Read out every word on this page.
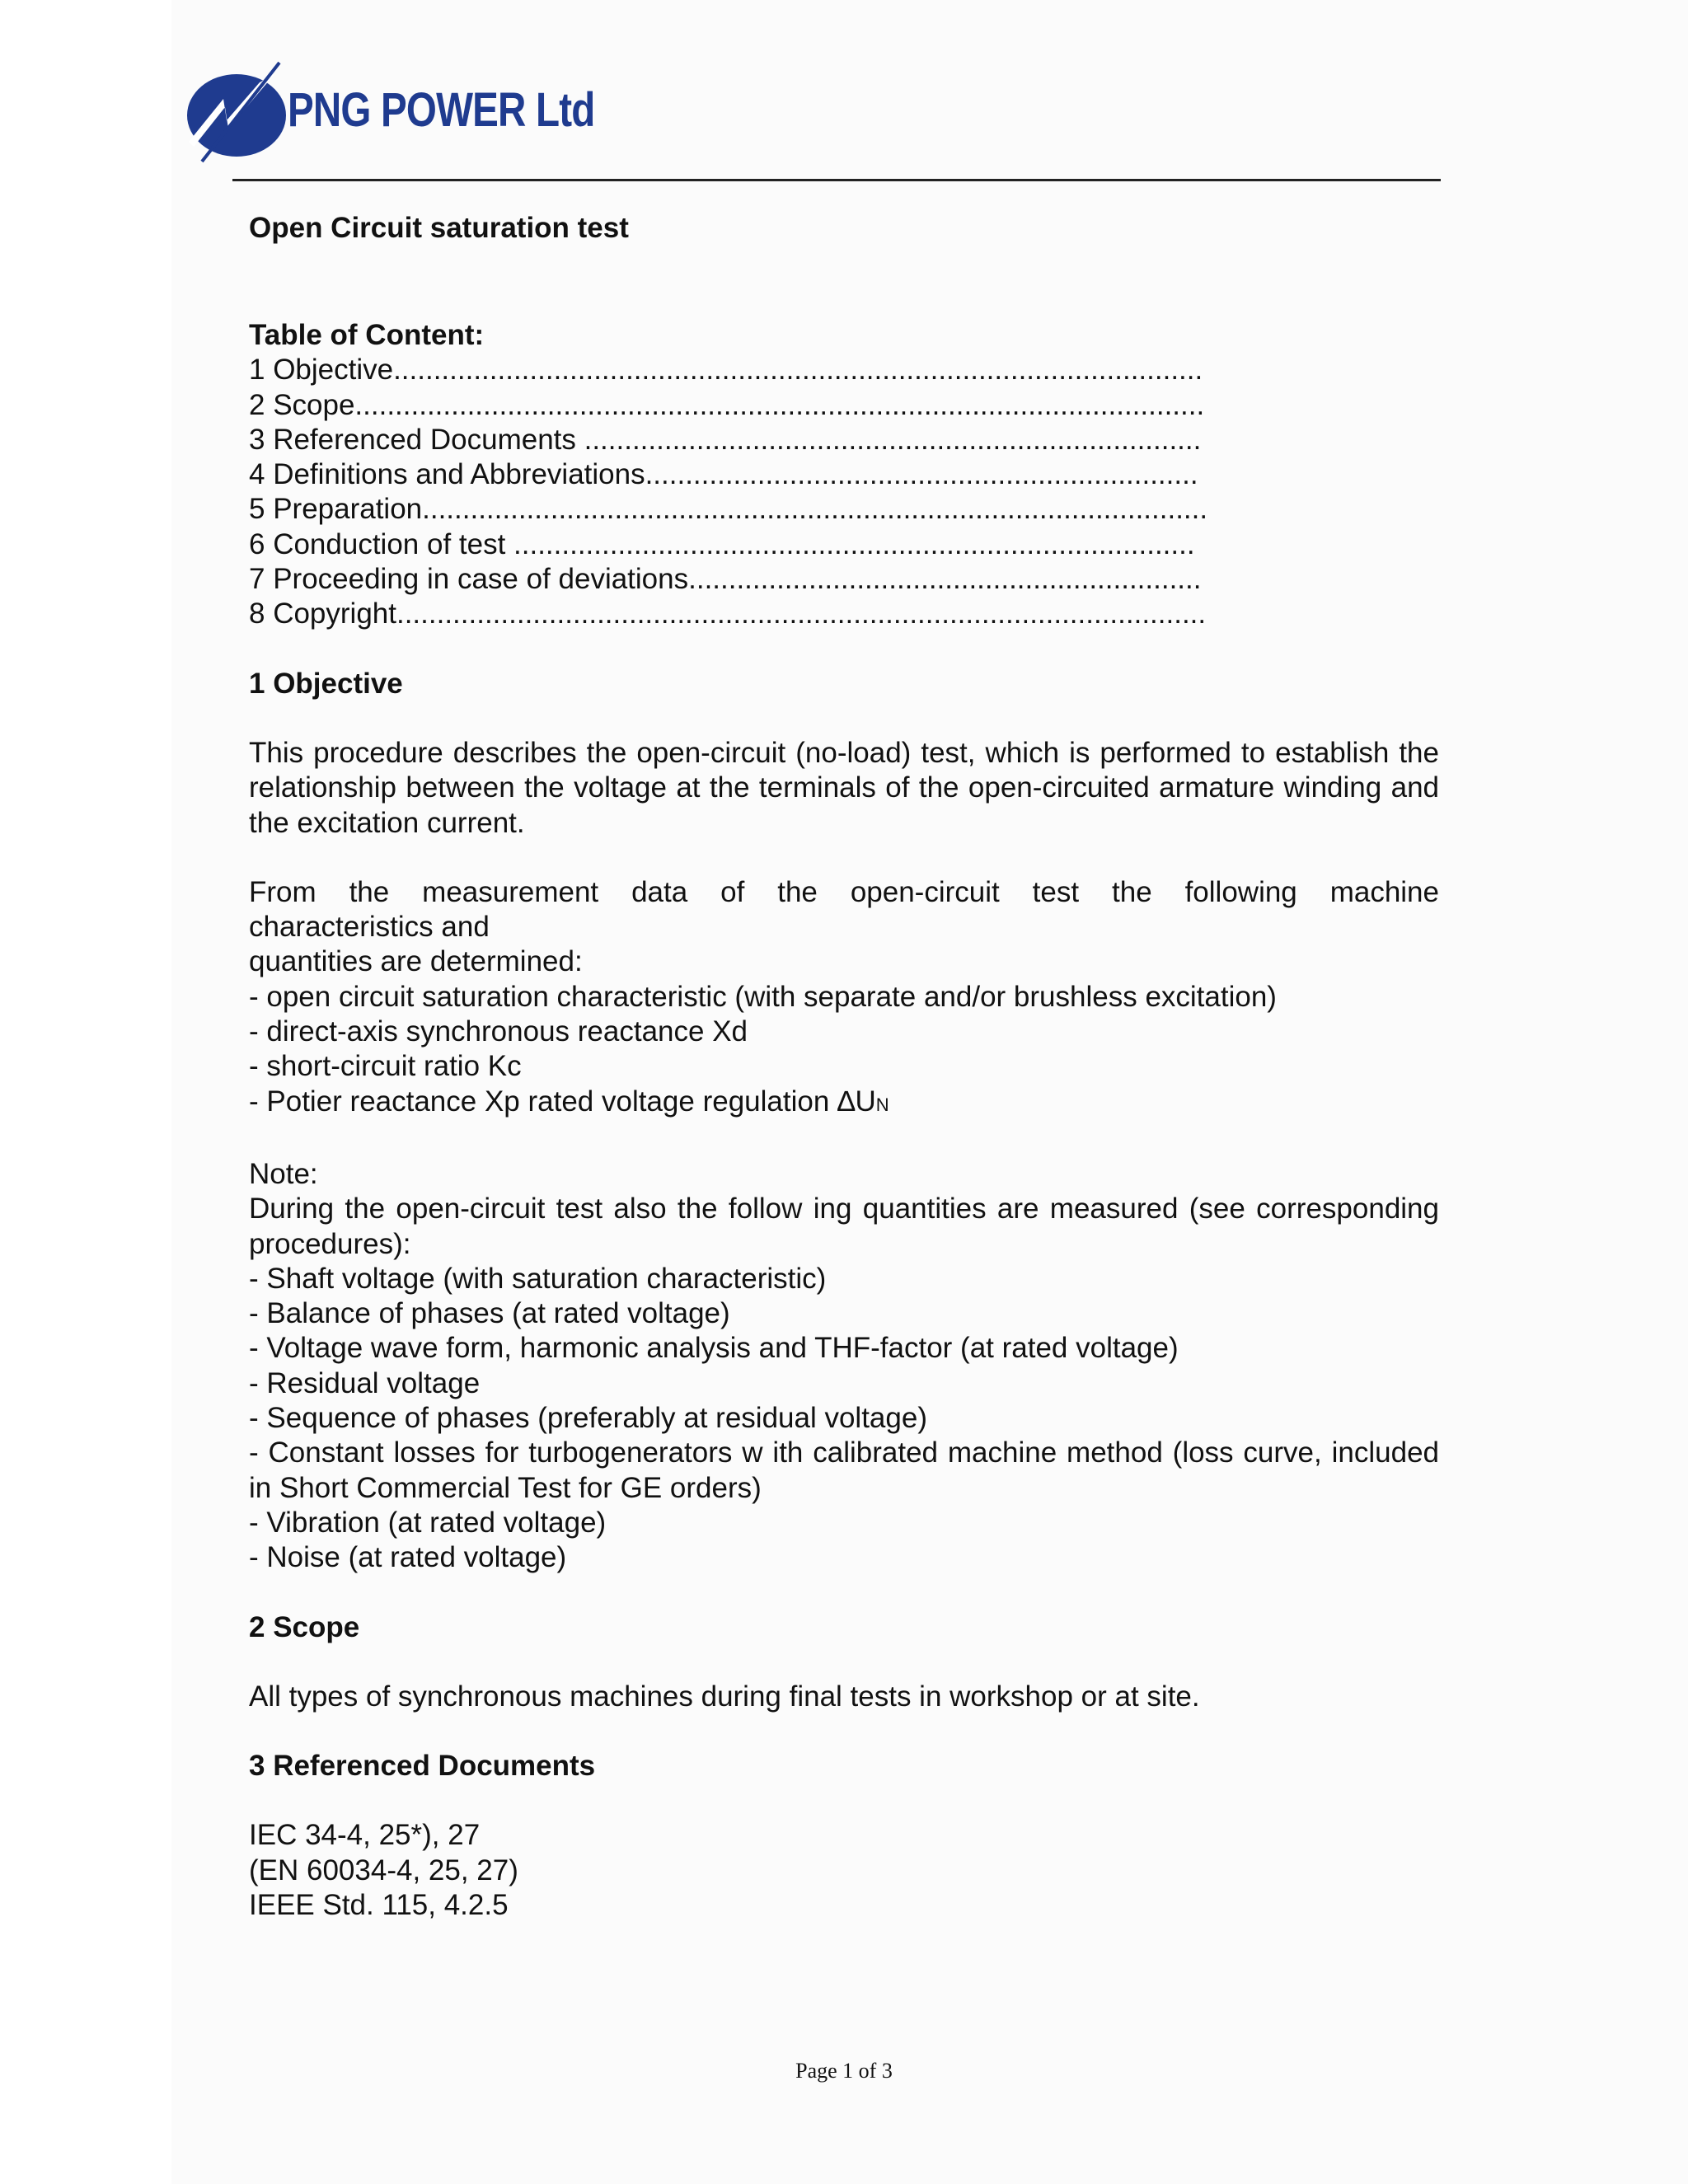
PNG POWER Ltd
Open Circuit saturation test
Table of Content:
1 Objective.....................................................................................................
2 Scope..........................................................................................................
3 Referenced Documents .............................................................................
4 Definitions and Abbreviations.....................................................................
5 Preparation..................................................................................................
6 Conduction of test .....................................................................................
7 Proceeding in case of deviations................................................................
8 Copyright.....................................................................................................
1 Objective
This procedure describes the open-circuit (no-load) test, which is performed to establish the relationship between the voltage at the terminals of the open-circuited armature winding and the excitation current.
From the measurement data of the open-circuit test the following machine
characteristics and
quantities are determined:
- open circuit saturation characteristic (with separate and/or brushless excitation)
- direct-axis synchronous reactance Xd
- short-circuit ratio Kc
- Potier reactance Xp rated voltage regulation ∆UN
Note:
During the open-circuit test also the follow ing quantities are measured (see corresponding procedures):
- Shaft voltage (with saturation characteristic)
- Balance of phases (at rated voltage)
- Voltage wave form, harmonic analysis and THF-factor (at rated voltage)
- Residual voltage
- Sequence of phases (preferably at residual voltage)
- Constant losses for turbogenerators w ith calibrated machine method (loss curve, included in Short Commercial Test for GE orders)
- Vibration (at rated voltage)
- Noise (at rated voltage)
2 Scope
All types of synchronous machines during final tests in workshop or at site.
3 Referenced Documents
IEC 34-4, 25*), 27
(EN 60034-4, 25, 27)
IEEE Std. 115, 4.2.5
Page 1 of 3
